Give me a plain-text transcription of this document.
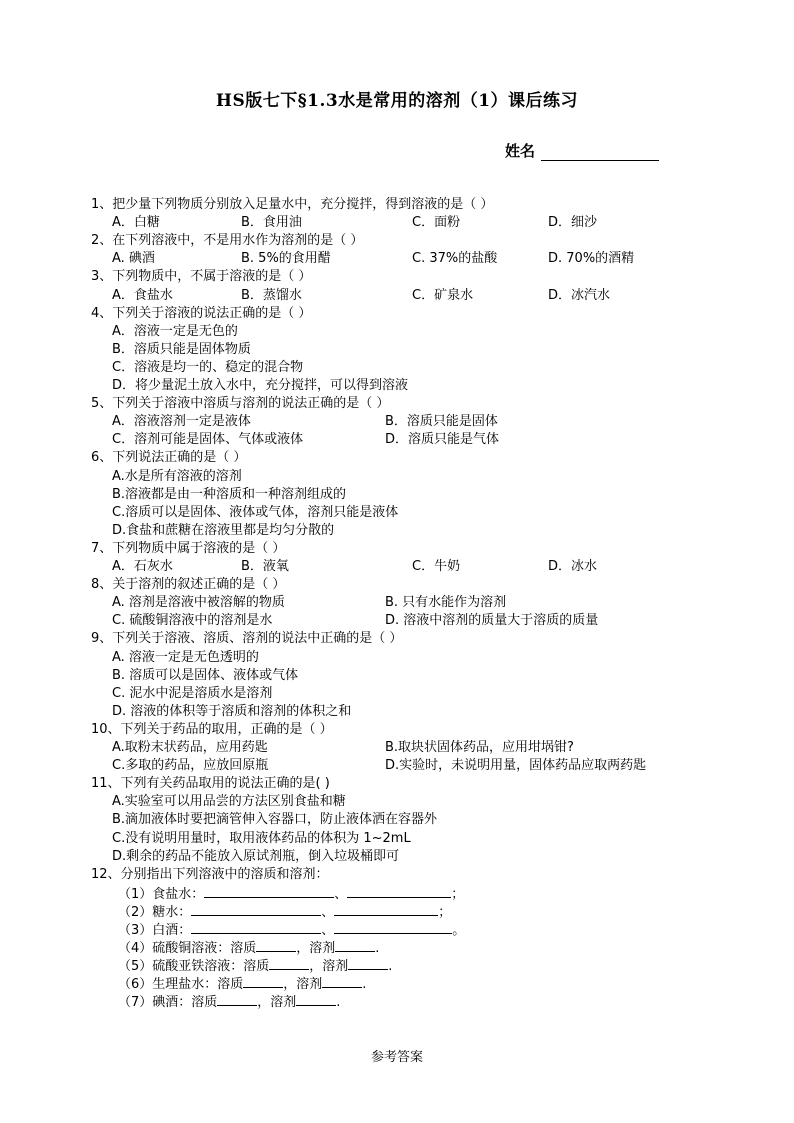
HS版七下§1.3水是常用的溶剂（1）课后练习
姓名
1、把少量下列物质分别放入足量水中，充分搅拌，得到溶液的是（ ）
A．白糖	B．食用油	C．面粉	D．细沙
2、在下列溶液中，不是用水作为溶剂的是（ ）
A. 碘酒	B. 5%的食用醋	C. 37%的盐酸	D. 70%的酒精
3、下列物质中，不属于溶液的是（ ）
A．食盐水	B．蒸馏水	C．矿泉水	D．冰汽水
4、下列关于溶液的说法正确的是（ ）
A．溶液一定是无色的
B．溶质只能是固体物质
C．溶液是均一的、稳定的混合物
D．将少量泥土放入水中，充分搅拌，可以得到溶液
5、下列关于溶液中溶质与溶剂的说法正确的是（ ）
A．溶液溶剂一定是液体	B．溶质只能是固体
C．溶剂可能是固体、气体或液体	D．溶质只能是气体
6、下列说法正确的是（ ）
A.水是所有溶液的溶剂
B.溶液都是由一种溶质和一种溶剂组成的
C.溶质可以是固体、液体或气体，溶剂只能是液体
D.食盐和蔗糖在溶液里都是均匀分散的
7、下列物质中属于溶液的是（ ）
A．石灰水	B．液氧	C．牛奶	D．冰水
8、关于溶剂的叙述正确的是（ ）
A. 溶剂是溶液中被溶解的物质	B. 只有水能作为溶剂
C. 硫酸铜溶液中的溶剂是水	D. 溶液中溶剂的质量大于溶质的质量
9、下列关于溶液、溶质、溶剂的说法中正确的是（ ）
A. 溶液一定是无色透明的
B. 溶质可以是固体、液体或气体
C. 泥水中泥是溶质水是溶剂
D. 溶液的体积等于溶质和溶剂的体积之和
10、下列关于药品的取用，正确的是（ ）
A.取粉末状药品，应用药匙	B.取块状固体药品，应用坩埚钳?
C.多取的药品，应放回原瓶	D.实验时，未说明用量，固体药品应取两药匙
11、下列有关药品取用的说法正确的是( )
A.实验室可以用品尝的方法区别食盐和糖
B.滴加液体时要把滴管伸入容器口，防止液体洒在容器外
C.没有说明用量时，取用液体药品的体积为 1~2mL
D.剩余的药品不能放入原试剂瓶，倒入垃圾桶即可
12、分别指出下列溶液中的溶质和溶剂：
（1）食盐水：	、	；
（2）糖水：	、	；
（3）白酒：	、	。
（4）硫酸铜溶液：溶质	，溶剂	.
（5）硫酸亚铁溶液：溶质	，溶剂	.
（6）生理盐水：溶质	，溶剂	.
（7）碘酒：溶质	，溶剂	.
参考答案
